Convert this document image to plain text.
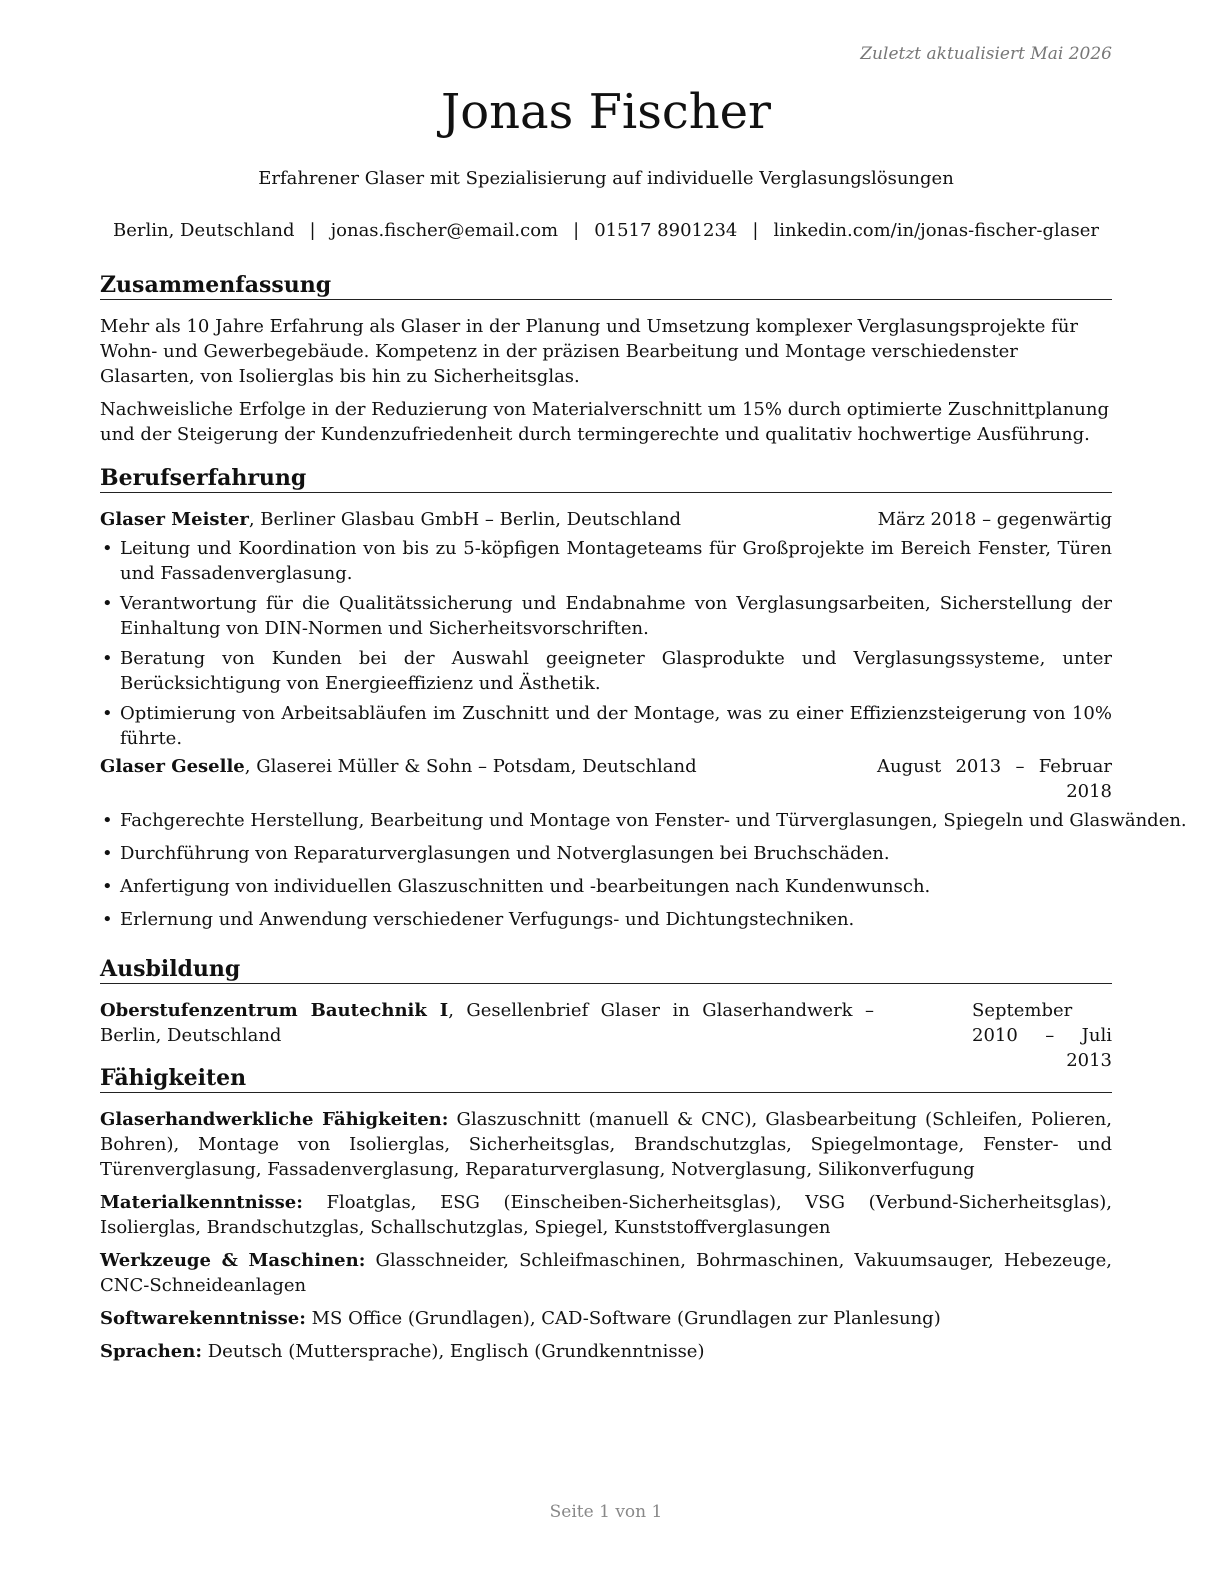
Zuletzt aktualisiert Mai 2026
Jonas Fischer
Erfahrener Glaser mit Spezialisierung auf individuelle Verglasungslösungen
Berlin, Deutschland | jonas.fischer@email.com | 01517 8901234 | linkedin.com/in/jonas-fischer-glaser
Zusammenfassung

Mehr als 10 Jahre Erfahrung als Glaser in der Planung und Umsetzung komplexer Verglasungsprojekte für Wohn- und Gewerbegebäude. Kompetenz in der präzisen Bearbeitung und Montage verschiedenster Glasarten, von Isolierglas bis hin zu Sicherheitsglas.

Nachweisliche Erfolge in der Reduzierung von Materialverschnitt um 15% durch optimierte Zuschnittplanung und der Steigerung der Kundenzufriedenheit durch termingerechte und qualitativ hochwertige Ausführung.

Berufserfahrung
Glaser Meister, Berliner Glasbau GmbH – Berlin, Deutschland	März 2018 – gegenwärtig
• Leitung und Koordination von bis zu 5-köpfigen Montageteams für Großprojekte im Bereich Fenster, Türen und Fassadenverglasung.
• Verantwortung für die Qualitätssicherung und Endabnahme von Verglasungsarbeiten, Sicherstellung der Einhaltung von DIN-Normen und Sicherheitsvorschriften.
• Beratung von Kunden bei der Auswahl geeigneter Glasprodukte und Verglasungssysteme, unter Berücksichtigung von Energieeffizienz und Ästhetik.
• Optimierung von Arbeitsabläufen im Zuschnitt und der Montage, was zu einer Effizienzsteigerung von 10% führte.
Glaser Geselle, Glaserei Müller & Sohn – Potsdam, Deutschland	August 2013 – Februar 2018
• Fachgerechte Herstellung, Bearbeitung und Montage von Fenster- und Türverglasungen, Spiegeln und Glaswänden.
• Durchführung von Reparaturverglasungen und Notverglasungen bei Bruchschäden.
• Anfertigung von individuellen Glaszuschnitten und -bearbeitungen nach Kundenwunsch.
• Erlernung und Anwendung verschiedener Verfugungs- und Dichtungstechniken.
Ausbildung
Oberstufenzentrum Bautechnik I, Gesellenbrief Glaser in Glaserhandwerk – Berlin, Deutschland
September 2010 – Juli 2013
Fähigkeiten

Glaserhandwerkliche Fähigkeiten: Glaszuschnitt (manuell & CNC), Glasbearbeitung (Schleifen, Polieren, Bohren), Montage von Isolierglas, Sicherheitsglas, Brandschutzglas, Spiegelmontage, Fenster- und Türenverglasung, Fassadenverglasung, Reparaturverglasung, Notverglasung, Silikonverfugung

Materialkenntnisse: Floatglas, ESG (Einscheiben-Sicherheitsglas), VSG (Verbund-Sicherheitsglas), Isolierglas, Brandschutzglas, Schallschutzglas, Spiegel, Kunststoffverglasungen

Werkzeuge & Maschinen: Glasschneider, Schleifmaschinen, Bohrmaschinen, Vakuumsauger, Hebezeuge, CNC-Schneideanlagen

Softwarekenntnisse: MS Office (Grundlagen), CAD-Software (Grundlagen zur Planlesung)

Sprachen: Deutsch (Muttersprache), Englisch (Grundkenntnisse)

Seite 1 von 1
